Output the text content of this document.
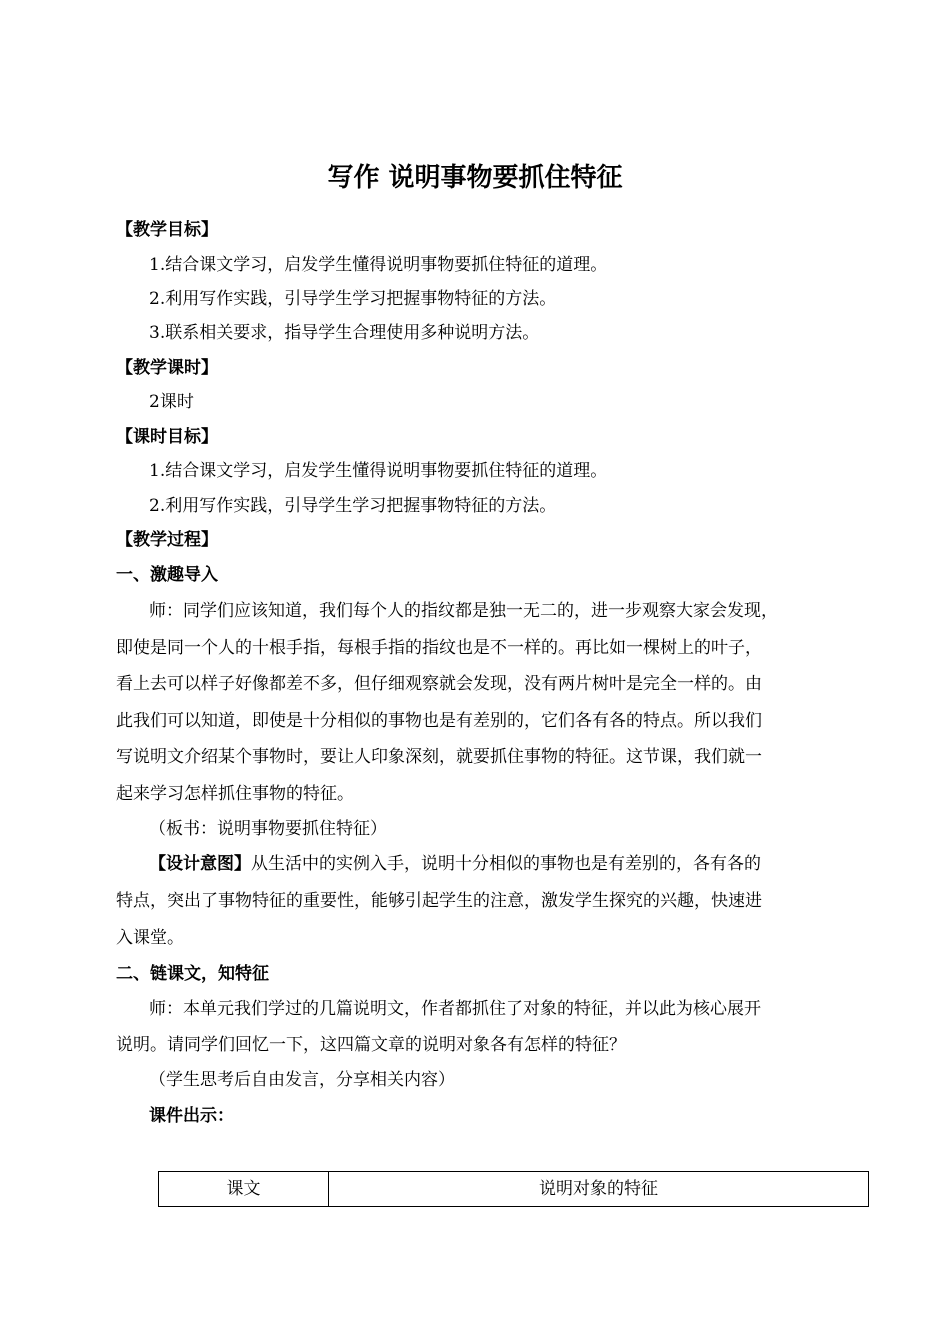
写作 说明事物要抓住特征
【教学目标】
1.结合课文学习，启发学生懂得说明事物要抓住特征的道理。
2.利用写作实践，引导学生学习把握事物特征的方法。
3.联系相关要求，指导学生合理使用多种说明方法。
【教学课时】
2课时
【课时目标】
1.结合课文学习，启发学生懂得说明事物要抓住特征的道理。
2.利用写作实践，引导学生学习把握事物特征的方法。
【教学过程】
一、激趣导入
师：同学们应该知道，我们每个人的指纹都是独一无二的，进一步观察大家会发现，
即使是同一个人的十根手指，每根手指的指纹也是不一样的。再比如一棵树上的叶子，
看上去可以样子好像都差不多，但仔细观察就会发现，没有两片树叶是完全一样的。由
此我们可以知道，即使是十分相似的事物也是有差别的，它们各有各的特点。所以我们
写说明文介绍某个事物时，要让人印象深刻，就要抓住事物的特征。这节课，我们就一
起来学习怎样抓住事物的特征。
（板书：说明事物要抓住特征）
【设计意图】从生活中的实例入手，说明十分相似的事物也是有差别的，各有各的
特点，突出了事物特征的重要性，能够引起学生的注意，激发学生探究的兴趣，快速进
入课堂。
二、链课文，知特征
师：本单元我们学过的几篇说明文，作者都抓住了对象的特征，并以此为核心展开
说明。请同学们回忆一下，这四篇文章的说明对象各有怎样的特征？
（学生思考后自由发言，分享相关内容）
课件出示：
课文	说明对象的特征
